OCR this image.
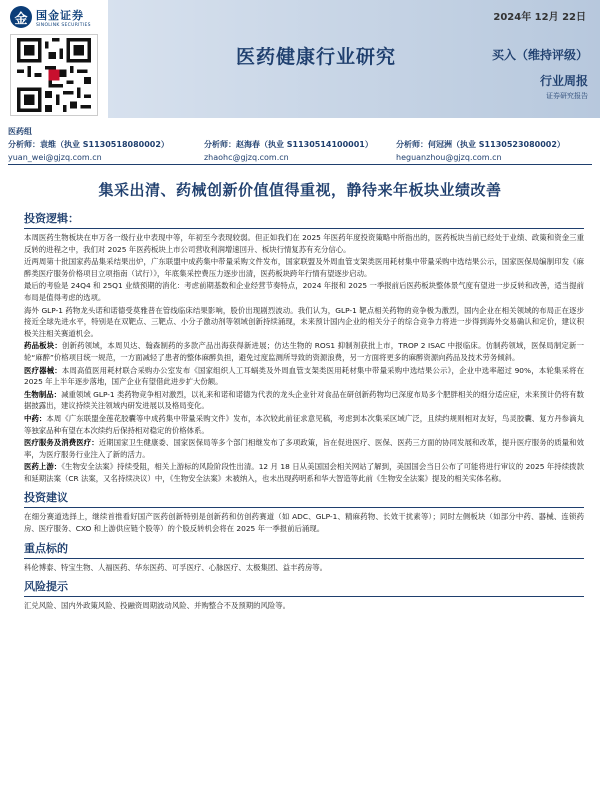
金 国金证券
SINOLINK SECURITIES
2024年 12月 22日
医药健康行业研究	买入（维持评级）
行业周报
证券研究报告
医药组
分析师：袁维（执业 S1130518080002）
yuan_wei@gjzq.com.cn
分析师：赵海春（执业 S1130514100001）
zhaohc@gjzq.com.cn
分析师：何冠洲（执业 S1130523080002）
heguanzhou@gjzq.com.cn
集采出清、药械创新价值值得重视，静待来年板块业绩改善
投资逻辑：

本周医药生物板块在申万各一级行业中表现中等，年初至今表现较弱。但正如我们在 2025 年医药年度投资策略中所指出的，医药板块当前已经处于业绩、政策和资金三重反转的进程之中，我们对 2025 年医药板块上市公司营收利润增速回升、板块行情复苏有充分信心。

近两周第十批国家药品集采结果出炉，广东联盟中成药集中带量采购文件发布，国家联盟及外周血管支架类医用耗材集中带量采购中选结果公示，国家医保局编制印发《麻醉类医疗服务价格项目立项指南（试行）》，年底集采控费压力逐步出清，医药板块跨年行情有望逐步启动。

最后的考验是 24Q4 和 25Q1 业绩预期的消化：考虑前期基数和企业经营节奏特点，2024 年报和 2025 一季报前后医药板块整体景气度有望进一步反转和改善，适当提前布局是值得考虑的选项。

海外 GLP-1 药物龙头诺和诺德受莫雅普在管线临床结果影响，股价出现剧烈波动。我们认为，GLP-1 靶点相关药物的竞争极为激烈，国内企业在相关领域的布局正在逐步接近全球先进水平，特别是在双靶点、三靶点、小分子激动剂等领域创新持续涌现，未来预计国内企业的相关分子的综合竞争力将进一步得到海外交易确认和定价，建议积极关注相关赛道机会。

药品板块：创新药领域，本周贝达、翰森制药的多款产品出海获得新进展；仿达生物的 ROS1 抑制剂获批上市，TROP 2 ISAC 中报临床。仿制药领域，医保局制定新一轮“麻醉”价格项目统一规范，一方面减轻了患者的整体麻醉负担，避免过度监测所导致的资源浪费，另一方面将更多的麻醉资源向药品及技术劳务倾斜。

医疗器械：本周高值医用耗材联合采购办公室发布《国家组织人工耳蜗类及外周血管支架类医用耗材集中带量采购中选结果公示》，企业中选率超过 90%，本轮集采将在 2025 年上半年逐步落地，国产企业有望借此进步扩大份额。

生物制品：减重领域 GLP-1 类药物竞争相对激烈，以礼来和诺和诺德为代表的龙头企业针对食品在研创新药物均已深度布局多个肥胖相关的细分适应症，未来预计仍将有数据披露出，建议持续关注领域内研发进展以及格局变化。

中药：本周《广东联盟金莲花胶囊等中成药集中带量采购文件》发布，本次较此前征求意见稿，考虑到本次集采区域广泛，且续约规则相对友好，鸟灵胶囊、复方丹参滴丸等独家品种有望在本次续约后保持相对稳定的价格体系。

医疗服务及消费医疗：近期国家卫生健康委、国家医保局等多个部门相继发布了多项政策，旨在促进医疗、医保、医药三方面的协同发展和改革，提升医疗服务的质量和效率，为医疗服务行业注入了新的活力。

医药上游：《生物安全法案》持续受阻，相关上游标的风险阶段性出清。12 月 18 日从美国国会相关网站了解到，美国国会当日公布了可能将进行审议的 2025 年持续拨款和延期法案（CR 法案，又名持续决议）中，《生物安全法案》未被纳入，也未出现药明系和华大智造等此前《生物安全法案》提及的相关实体名称。

投资建议

在细分赛道选择上，继续首推看好国产医药创新特别是创新药和仿创药赛道（如 ADC、GLP-1、精麻药物、长效干扰素等）；同时左侧板块（如部分中药、器械、连锁药房、医疗服务、CXO 和上游供应链个股等）的个股反转机会将在 2025 年一季报前后涌现。

重点标的

科伦博泰、特宝生物、人福医药、华东医药、可孚医疗、心脉医疗、太极集团、益丰药房等。

风险提示

汇兑风险、国内外政策风险、投融资周期波动风险、并购整合不及预期的风险等。
